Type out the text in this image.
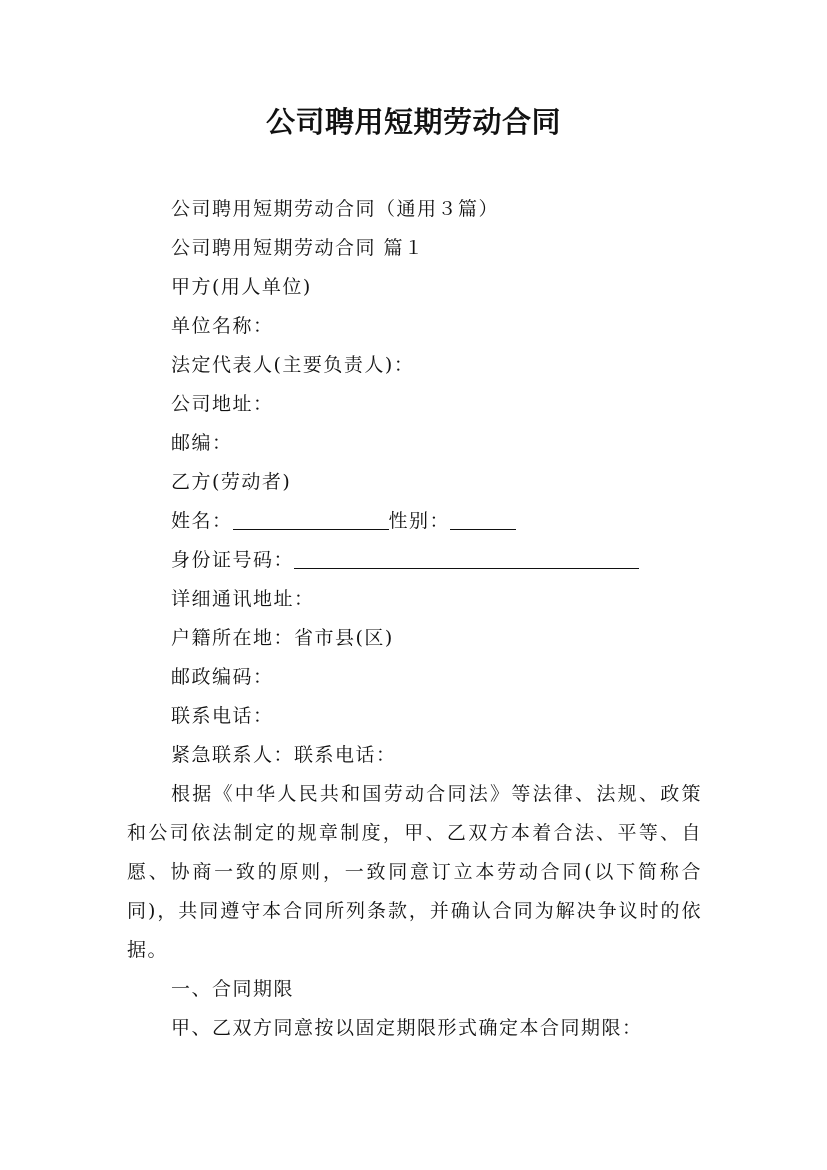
公司聘用短期劳动合同
公司聘用短期劳动合同（通用３篇）
公司聘用短期劳动合同 篇１
甲方(用人单位)
单位名称：
法定代表人(主要负责人)：
公司地址：
邮编：
乙方(劳动者)
姓名：	性别：
身份证号码：
详细通讯地址：
户籍所在地：省市县(区)
邮政编码：
联系电话：
紧急联系人：联系电话：

根据《中华人民共和国劳动合同法》等法律、法规、政策和公司依法制定的规章制度，甲、乙双方本着合法、平等、自愿、协商一致的原则，一致同意订立本劳动合同(以下简称合同)，共同遵守本合同所列条款，并确认合同为解决争议时的依据。

一、合同期限
甲、乙双方同意按以固定期限形式确定本合同期限：
